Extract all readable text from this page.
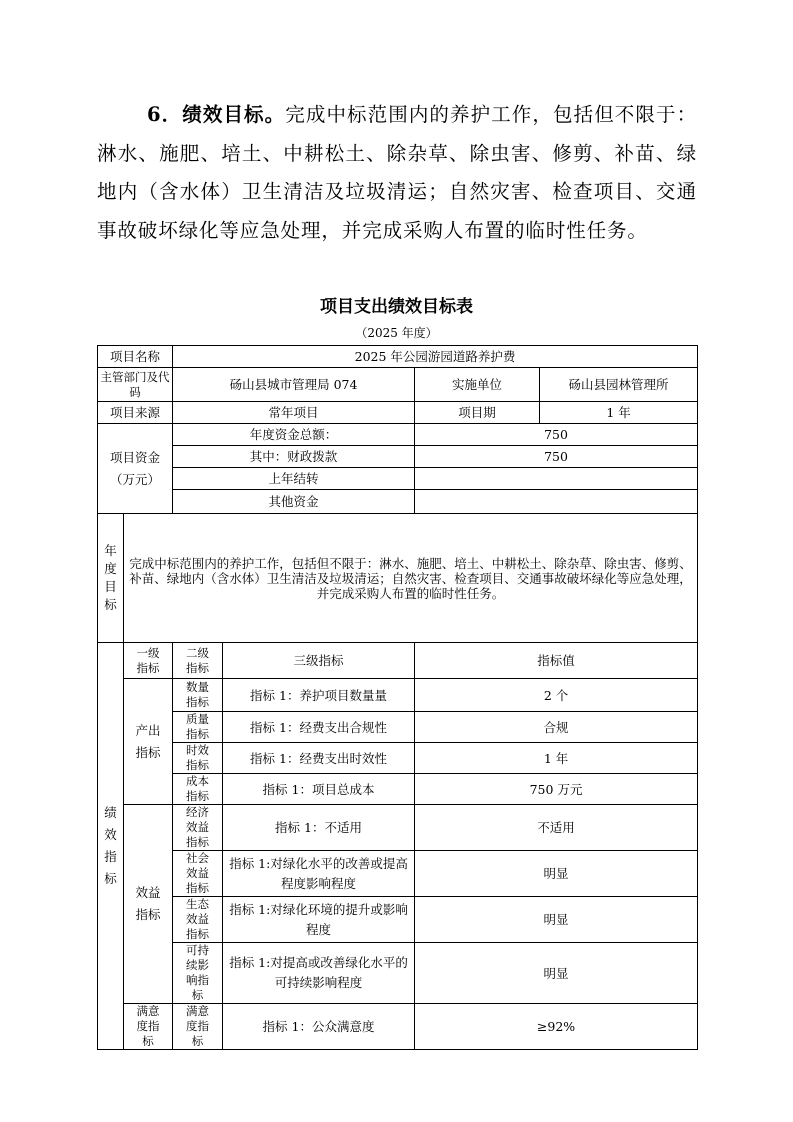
6．绩效目标。完成中标范围内的养护工作，包括但不限于：淋水、施肥、培土、中耕松土、除杂草、除虫害、修剪、补苗、绿地内（含水体）卫生清洁及垃圾清运；自然灾害、检查项目、交通事故破坏绿化等应急处理，并完成采购人布置的临时性任务。
项目支出绩效目标表
（2025 年度）
项目名称		2025 年公园游园道路养护费			
主管部门及代码		砀山县城市管理局 074		实施单位	砀山县园林管理所
项目来源		常年项目		项目期	1 年
项目资金（万元）		年度资金总额：		750	
		其中：财政拨款		750	
		上年结转			
		其他资金			
年度目标	完成中标范围内的养护工作，包括但不限于：淋水、施肥、培土、中耕松土、除杂草、除虫害、修剪、补苗、绿地内（含水体）卫生清洁及垃圾清运；自然灾害、检查项目、交通事故破坏绿化等应急处理，并完成采购人布置的临时性任务。				
绩效指标	一级指标	二级指标	三级指标	指标值	
	产出指标	数量指标	指标 1：养护项目数量量	2 个	
		质量指标	指标 1：经费支出合规性	合规	
		时效指标	指标 1：经费支出时效性	1 年	
		成本指标	指标 1：项目总成本	750 万元	
	效益指标	经济效益指标	指标 1：不适用	不适用	
		社会效益指标	指标 1:对绿化水平的改善或提高程度影响程度	明显	
		生态效益指标	指标 1:对绿化环境的提升或影响程度	明显	
		可持续影响指标	指标 1:对提高或改善绿化水平的可持续影响程度	明显	
	满意度指标	满意度指标	指标 1：公众满意度	≥92%	
